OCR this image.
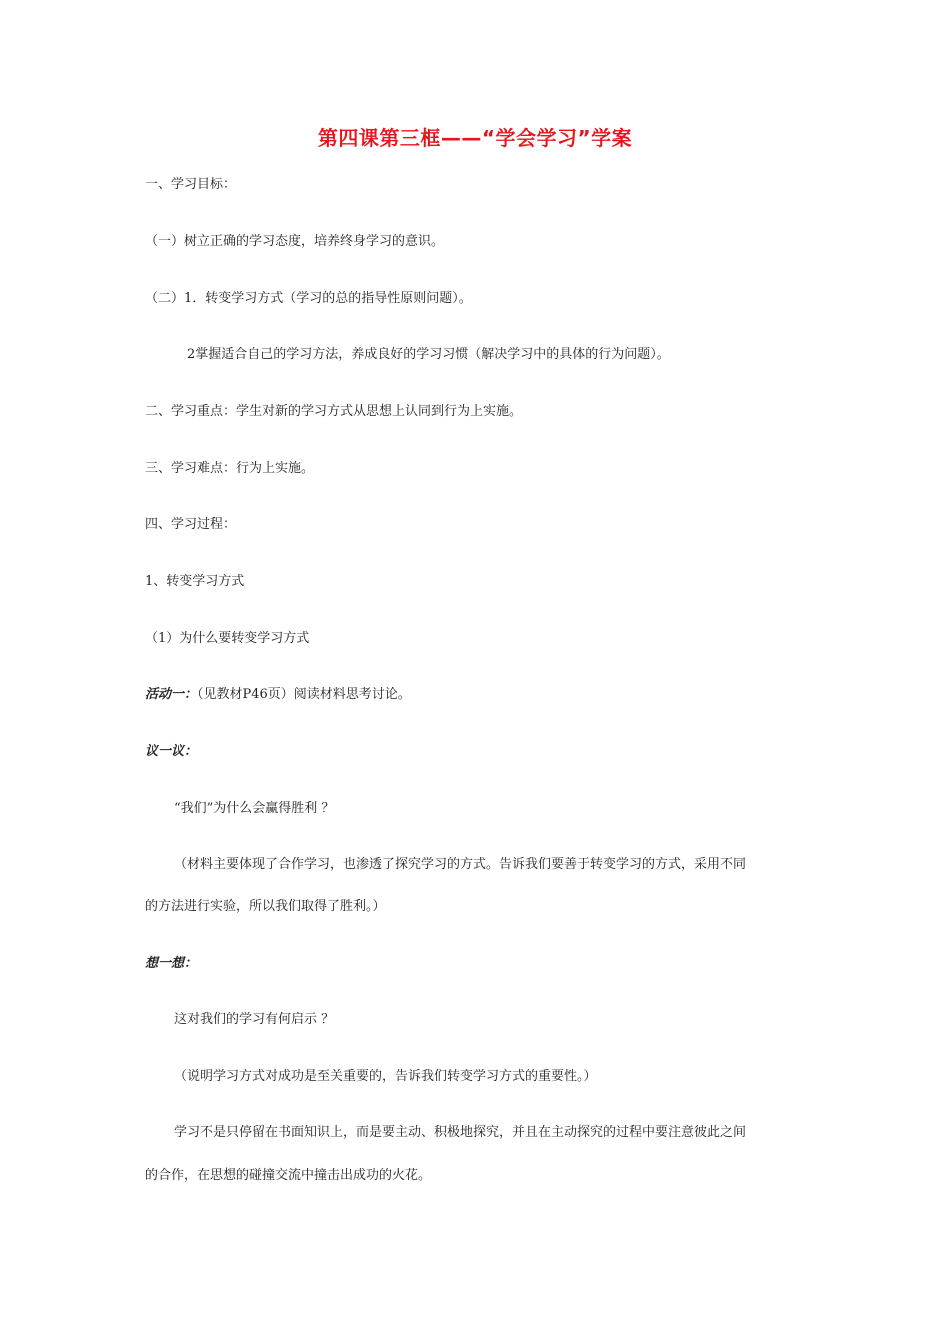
第四课第三框——“学会学习”学案
一、学习目标：
（一）树立正确的学习态度，培养终身学习的意识。
（二）1．转变学习方式（学习的总的指导性原则问题）。
2掌握适合自己的学习方法，养成良好的学习习惯（解决学习中的具体的行为问题）。
二、学习重点：学生对新的学习方式从思想上认同到行为上实施。
三、学习难点：行为上实施。
四、学习过程：
1、转变学习方式
（1）为什么要转变学习方式
活动一：（见教材P46页）阅读材料思考讨论。
议一议：
“我们”为什么会赢得胜利 ？
（材料主要体现了合作学习，也渗透了探究学习的方式。告诉我们要善于转变学习的方式，采用不同
的方法进行实验，所以我们取得了胜利。）
想一想：
这对我们的学习有何启示 ？
（说明学习方式对成功是至关重要的，告诉我们转变学习方式的重要性。）
学习不是只停留在书面知识上，而是要主动、积极地探究，并且在主动探究的过程中要注意彼此之间
的合作，在思想的碰撞交流中撞击出成功的火花。
